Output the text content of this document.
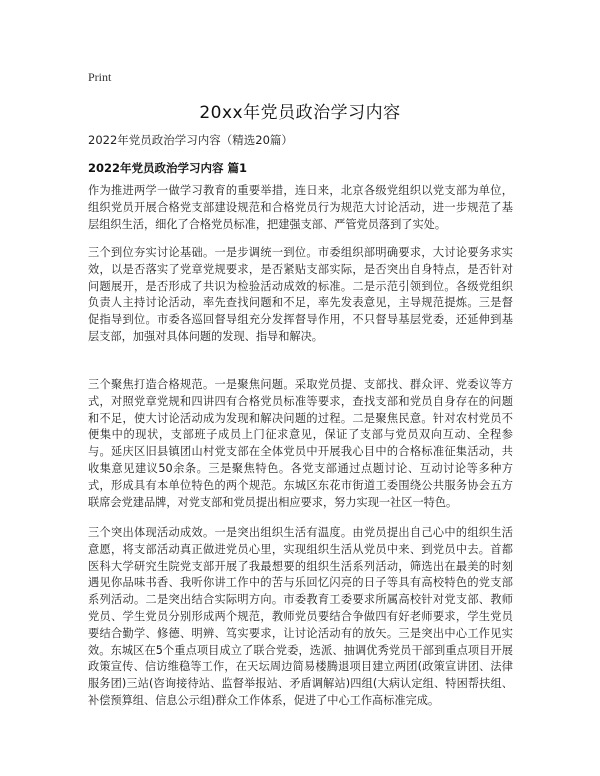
Print
20xx年党员政治学习内容
2022年党员政治学习内容（精选20篇）
2022年党员政治学习内容 篇1

作为推进两学一做学习教育的重要举措，连日来，北京各级党组织以党支部为单位，组织党员开展合格党支部建设规范和合格党员行为规范大讨论活动，进一步规范了基层组织生活，细化了合格党员标准，把建强支部、严管党员落到了实处。

三个到位夯实讨论基础。一是步调统一到位。市委组织部明确要求，大讨论要务求实效，以是否落实了党章党规要求，是否紧贴支部实际，是否突出自身特点，是否针对问题展开，是否形成了共识为检验活动成效的标准。二是示范引领到位。各级党组织负责人主持讨论活动，率先查找问题和不足，率先发表意见，主导规范提炼。三是督促指导到位。市委各巡回督导组充分发挥督导作用，不只督导基层党委，还延伸到基层支部，加强对具体问题的发现、指导和解决。

三个聚焦打造合格规范。一是聚焦问题。采取党员提、支部找、群众评、党委议等方式，对照党章党规和四讲四有合格党员标准等要求，查找支部和党员自身存在的问题和不足，使大讨论活动成为发现和解决问题的过程。二是聚焦民意。针对农村党员不便集中的现状，支部班子成员上门征求意见，保证了支部与党员双向互动、全程参与。延庆区旧县镇团山村党支部在全体党员中开展我心目中的合格标准征集活动，共收集意见建议50余条。三是聚焦特色。各党支部通过点题讨论、互动讨论等多种方式，形成具有本单位特色的两个规范。东城区东花市街道工委围绕公共服务协会五方联席会党建品牌，对党支部和党员提出相应要求，努力实现一社区一特色。

三个突出体现活动成效。一是突出组织生活有温度。由党员提出自己心中的组织生活意愿，将支部活动真正做进党员心里，实现组织生活从党员中来、到党员中去。首都医科大学研究生院党支部开展了我最想要的组织生活系列活动，筛选出在最美的时刻遇见你品味书香、我听你讲工作中的苦与乐回忆闪亮的日子等具有高校特色的党支部系列活动。二是突出结合实际明方向。市委教育工委要求所属高校针对党支部、教师党员、学生党员分别形成两个规范，教师党员要结合争做四有好老师要求，学生党员要结合勤学、修德、明辨、笃实要求，让讨论活动有的放矢。三是突出中心工作见实效。东城区在5个重点项目成立了联合党委，选派、抽调优秀党员干部到重点项目开展政策宣传、信访维稳等工作，在天坛周边简易楼腾退项目建立两团(政策宣讲团、法律服务团)三站(咨询接待站、监督举报站、矛盾调解站)四组(大病认定组、特困帮扶组、补偿预算组、信息公示组)群众工作体系，促进了中心工作高标准完成。
